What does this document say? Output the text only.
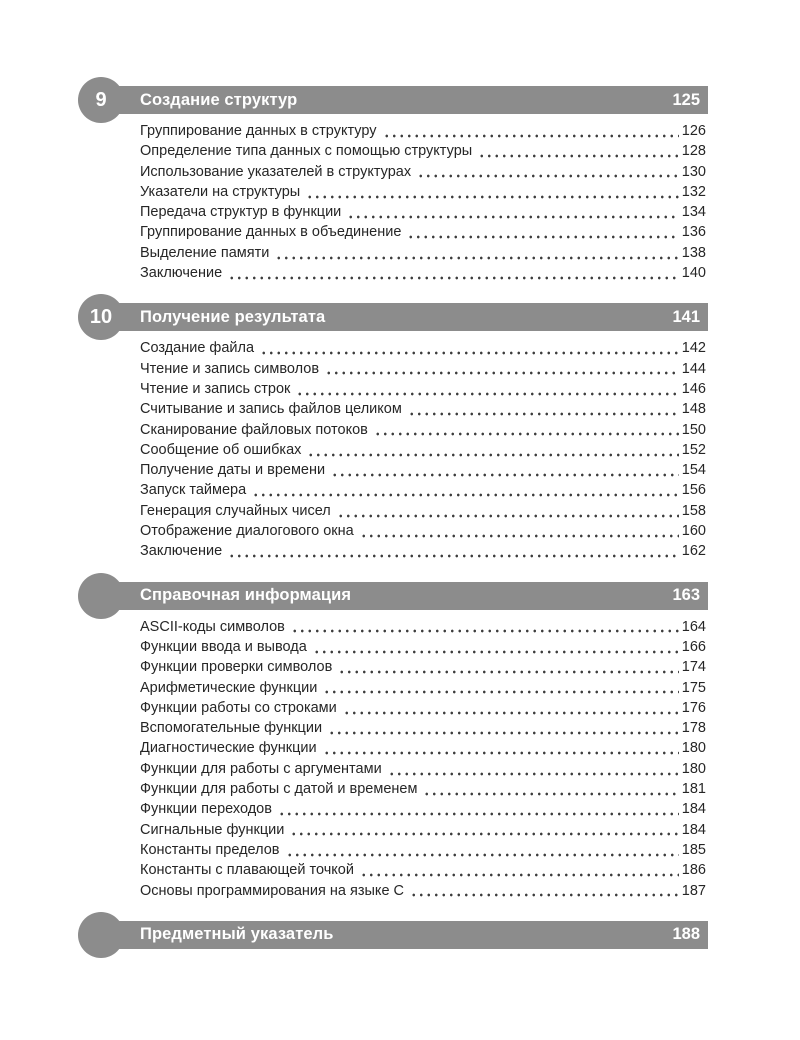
9 Создание структур	125
Группирование данных в структуру	126
Определение типа данных с помощью структуры	128
Использование указателей в структурах	130
Указатели на структуры	132
Передача структур в функции	134
Группирование данных в объединение	136
Выделение памяти	138
Заключение	140
10 Получение результата	141
Создание файла	142
Чтение и запись символов	144
Чтение и запись строк	146
Считывание и запись файлов целиком	148
Сканирование файловых потоков	150
Сообщение об ошибках	152
Получение даты и времени	154
Запуск таймера	156
Генерация случайных чисел	158
Отображение диалогового окна	160
Заключение	162
Справочная информация	163
ASCII-коды символов	164
Функции ввода и вывода	166
Функции проверки символов	174
Арифметические функции	175
Функции работы со строками	176
Вспомогательные функции	178
Диагностические функции	180
Функции для работы с аргументами	180
Функции для работы с датой и временем	181
Функции переходов	184
Сигнальные функции	184
Константы пределов	185
Константы с плавающей точкой	186
Основы программирования на языке C	187
Предметный указатель	188
